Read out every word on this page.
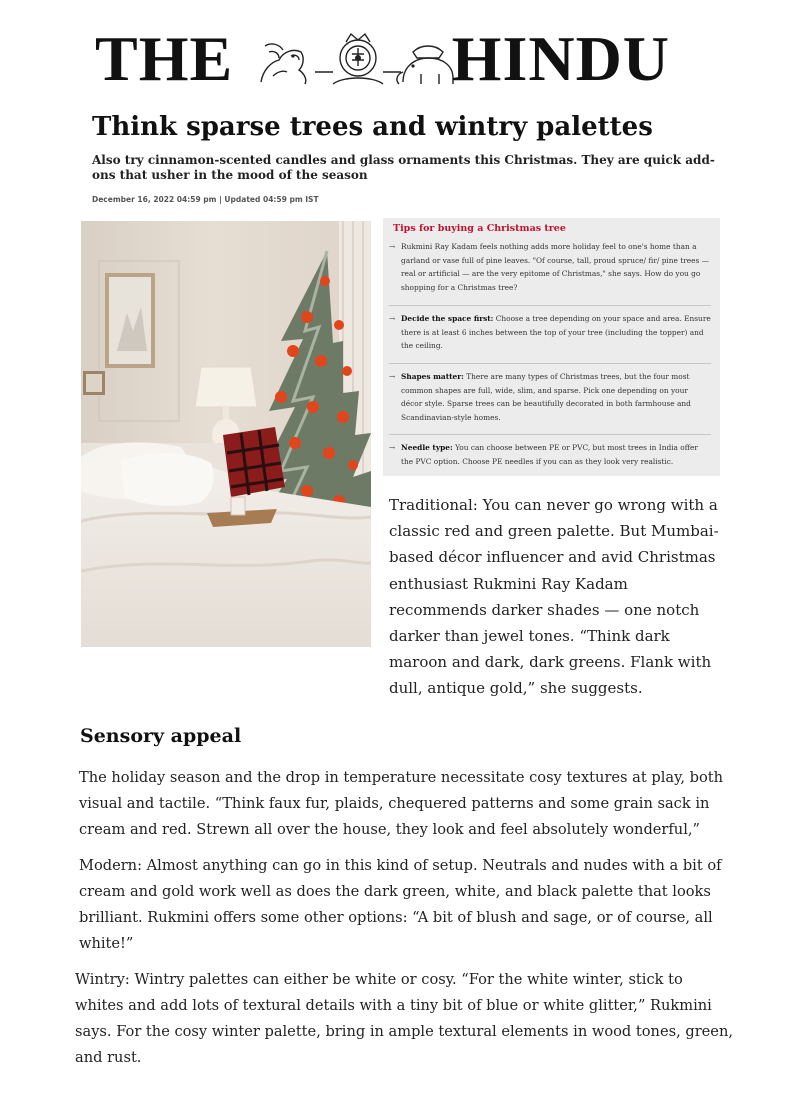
THE	HINDU
Think sparse trees and wintry palettes

Also try cinnamon-scented candles and glass ornaments this Christmas. They are quick add-ons that usher in the mood of the season

December 16, 2022 04:59 pm | Updated 04:59 pm IST
Tips for buying a Christmas tree
→ Rukmini Ray Kadam feels nothing adds more holiday feel to one's home than a garland or vase full of pine leaves. "Of course, tall, proud spruce/ fir/ pine trees — real or artificial — are the very epitome of Christmas," she says. How do you go shopping for a Christmas tree?
→ Decide the space first: Choose a tree depending on your space and area. Ensure there is at least 6 inches between the top of your tree (including the topper) and the ceiling.
→ Shapes matter: There are many types of Christmas trees, but the four most common shapes are full, wide, slim, and sparse. Pick one depending on your décor style. Sparse trees can be beautifully decorated in both farmhouse and Scandinavian-style homes.
→ Needle type: You can choose between PE or PVC, but most trees in India offer the PVC option. Choose PE needles if you can as they look very realistic.

Traditional: You can never go wrong with a classic red and green palette. But Mumbai-based décor influencer and avid Christmas enthusiast Rukmini Ray Kadam recommends darker shades — one notch darker than jewel tones. “Think dark maroon and dark, dark greens. Flank with dull, antique gold,” she suggests.

Sensory appeal

The holiday season and the drop in temperature necessitate cosy textures at play, both visual and tactile. “Think faux fur, plaids, chequered patterns and some grain sack in cream and red. Strewn all over the house, they look and feel absolutely wonderful,”

Modern: Almost anything can go in this kind of setup. Neutrals and nudes with a bit of cream and gold work well as does the dark green, white, and black palette that looks brilliant. Rukmini offers some other options: “A bit of blush and sage, or of course, all white!”

Wintry: Wintry palettes can either be white or cosy. “For the white winter, stick to whites and add lots of textural details with a tiny bit of blue or white glitter,” Rukmini says. For the cosy winter palette, bring in ample textural elements in wood tones, green, and rust.
